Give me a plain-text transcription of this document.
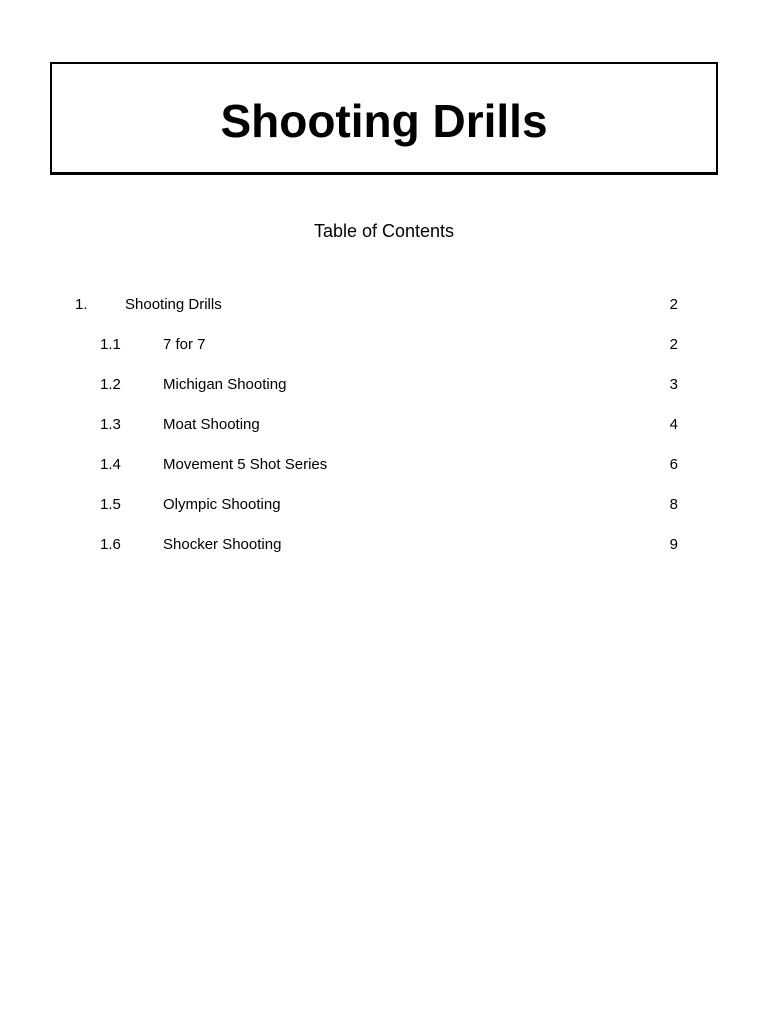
Shooting Drills
Table of Contents
1. Shooting Drills	2
1.1	7 for 7	2
1.2	Michigan Shooting	3
1.3	Moat Shooting	4
1.4	Movement 5 Shot Series	6
1.5	Olympic Shooting	8
1.6	Shocker Shooting	9
